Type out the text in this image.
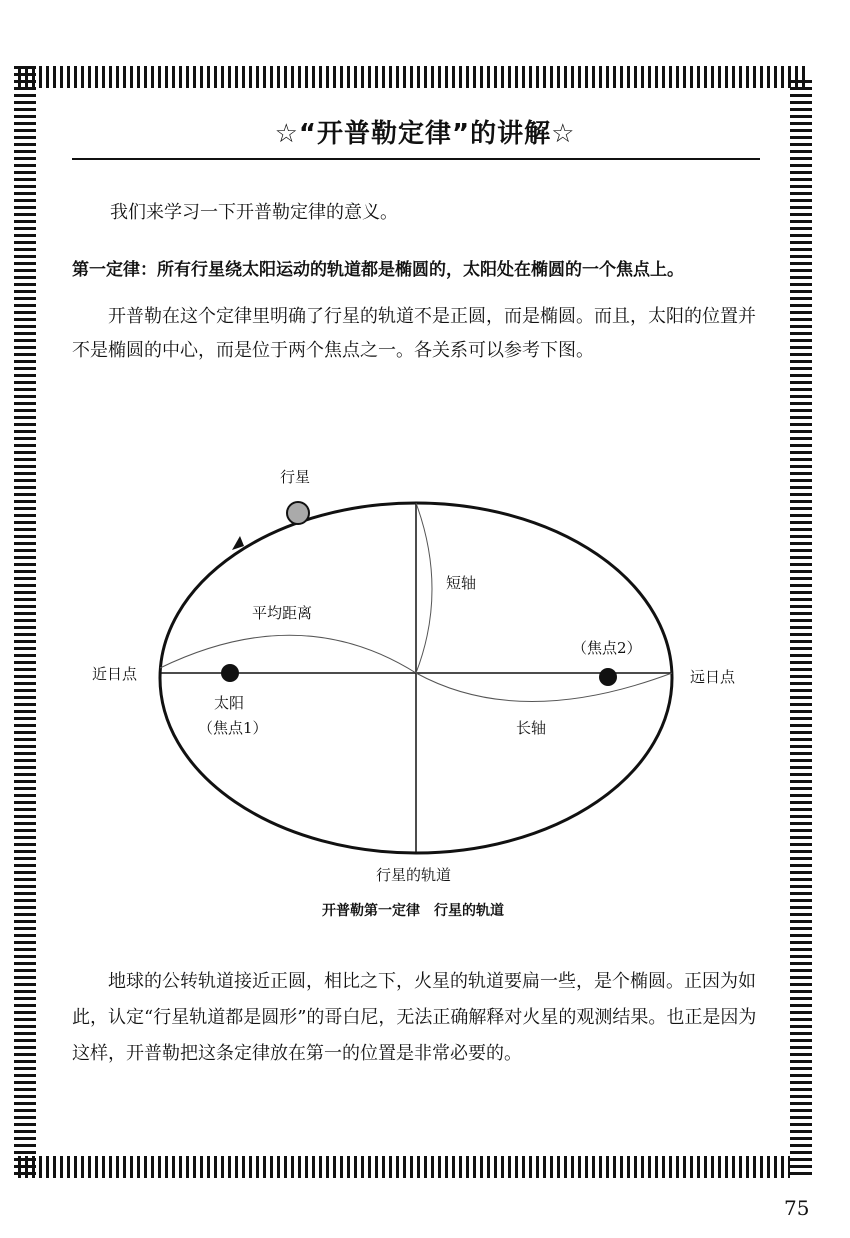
☆“开普勒定律”的讲解☆
我们来学习一下开普勒定律的意义。
第一定律：所有行星绕太阳运动的轨道都是椭圆的，太阳处在椭圆的一个焦点上。
开普勒在这个定律里明确了行星的轨道不是正圆，而是椭圆。而且，太阳的位置并不是椭圆的中心，而是位于两个焦点之一。各关系可以参考下图。
行星
短轴
平均距离
（焦点2）
近日点	远日点
太阳
（焦点1）	长轴
行星的轨道
开普勒第一定律　行星的轨道
地球的公转轨道接近正圆，相比之下，火星的轨道要扁一些，是个椭圆。正因为如此，认定“行星轨道都是圆形”的哥白尼，无法正确解释对火星的观测结果。也正是因为这样，开普勒把这条定律放在第一的位置是非常必要的。
75
